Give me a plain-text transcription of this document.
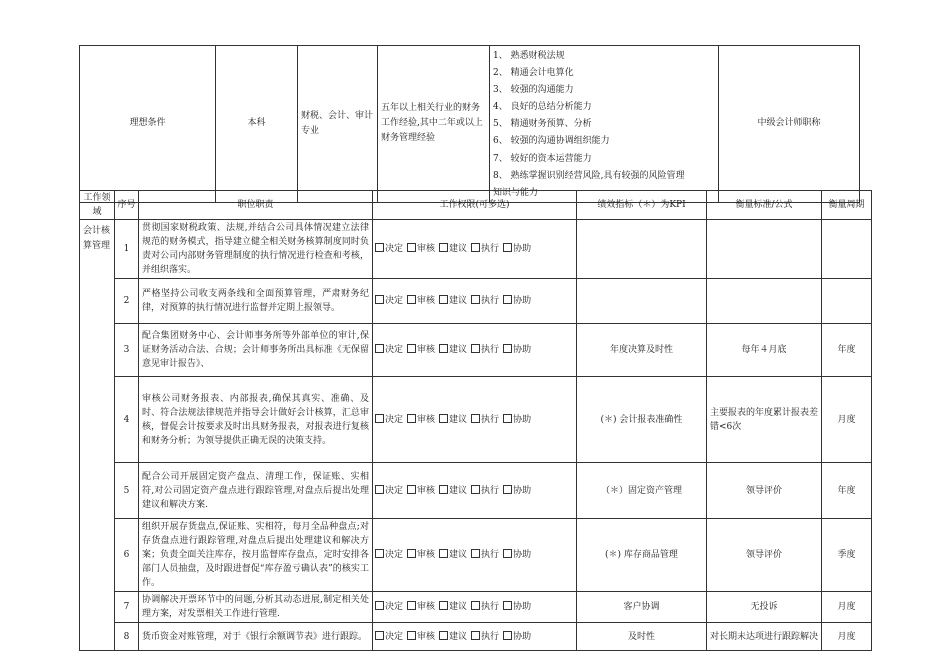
理想条件	本科	财税、会计、审计专业	五年以上相关行业的财务工作经验,其中二年或以上财务管理经验	
1、 熟悉财税法规
2、 精通会计电算化
3、 较强的沟通能力
4、 良好的总结分析能力
5、 精通财务预算、分析
6、 较强的沟通协调组织能力
7、 较好的资本运营能力
8、 熟练掌握识别经营风险,具有较强的风险管理
知识与能力
	中级会计师职称
工作领域	序号	职位职责	工作权限(可多选)	绩效指标（＊）为KPI	衡量标准/公式	衡量周期
会计核算管理	1	贯彻国家财税政策、法规,并结合公司具体情况建立法律规范的财务模式，指导建立健全相关财务核算制度同时负责对公司内部财务管理制度的执行情况进行检查和考核，并组织落实。	决定 审核 建议 执行 协助			
	2	严格坚持公司收支两条线和全面预算管理，严肃财务纪律，对预算的执行情况进行监督并定期上报领导。	决定 审核 建议 执行 协助			
	3	配合集团财务中心、会计师事务所等外部单位的审计,保证财务活动合法、合规；会计师事务所出具标准《无保留意见审计报告》、	决定 审核 建议 执行 协助	年度决算及时性	每年４月底	年度
	4	审核公司财务报表、内部报表,确保其真实、准确、及时、符合法规法律规范并指导会计做好会计核算，汇总审核，督促会计按要求及时出具财务报表，对报表进行复核和财务分析；为领导提供正确无误的决策支持。	决定 审核 建议 执行 协助	(＊) 会计报表准确性	主要报表的年度累计报表差错<6次	月度
	5	配合公司开展固定资产盘点、清理工作，保证账、实相符,对公司固定资产盘点进行跟踪管理,对盘点后提出处理建议和解决方案.	决定 审核 建议 执行 协助	（＊）固定资产管理	领导评价	年度
	6	组织开展存货盘点,保证账、实相符，每月全品种盘点;对存货盘点进行跟踪管理,对盘点后提出处理建议和解决方案；负责全面关注库存，按月监督库存盘点，定时安排各部门人员抽盘，及时跟进督促“库存盈亏确认表”的核实工作。	决定 审核 建议 执行 协助	(＊) 库存商品管理	领导评价	季度
	7	协调解决开票环节中的问题,分析其动态进展,制定相关处理方案，对发票相关工作进行管理.	决定 审核 建议 执行 协助	客户协调	无投诉	月度
	8	货币资金对账管理，对于《银行余额调节表》进行跟踪。	决定 审核 建议 执行 协助	及时性	对长期未达项进行跟踪解决	月度
